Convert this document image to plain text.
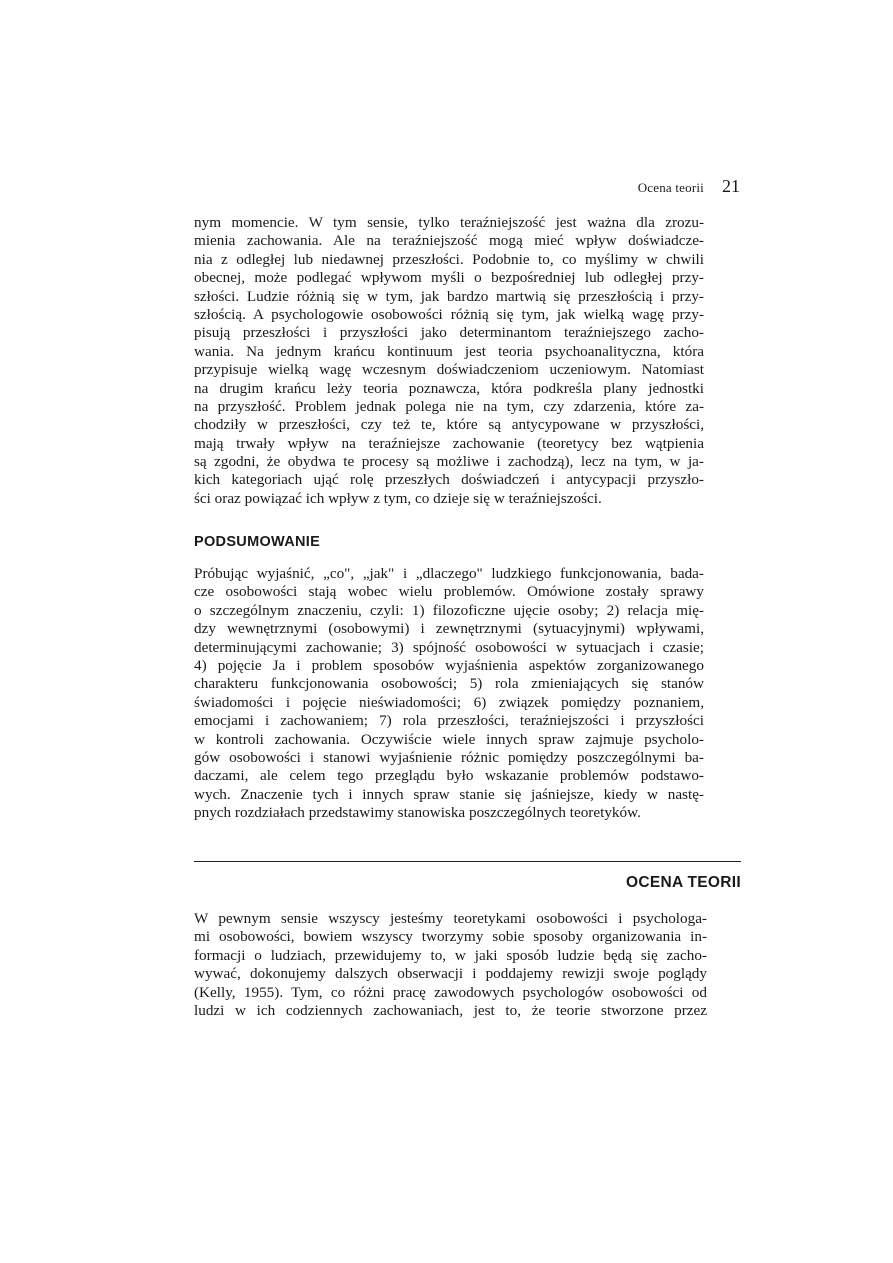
Ocena teorii 21
nym momencie. W tym sensie, tylko teraźniejszość jest ważna dla zrozu-
mienia zachowania. Ale na teraźniejszość mogą mieć wpływ doświadcze-
nia z odległej lub niedawnej przeszłości. Podobnie to, co myślimy w chwili
obecnej, może podlegać wpływom myśli o bezpośredniej lub odległej przy-
szłości. Ludzie różnią się w tym, jak bardzo martwią się przeszłością i przy-
szłością. A psychologowie osobowości różnią się tym, jak wielką wagę przy-
pisują przeszłości i przyszłości jako determinantom teraźniejszego zacho-
wania. Na jednym krańcu kontinuum jest teoria psychoanalityczna, która
przypisuje wielką wagę wczesnym doświadczeniom uczeniowym. Natomiast
na drugim krańcu leży teoria poznawcza, która podkreśla plany jednostki
na przyszłość. Problem jednak polega nie na tym, czy zdarzenia, które za-
chodziły w przeszłości, czy też te, które są antycypowane w przyszłości,
mają trwały wpływ na teraźniejsze zachowanie (teoretycy bez wątpienia
są zgodni, że obydwa te procesy są możliwe i zachodzą), lecz na tym, w ja-
kich kategoriach ująć rolę przeszłych doświadczeń i antycypacji przyszło-
ści oraz powiązać ich wpływ z tym, co dzieje się w teraźniejszości.
PODSUMOWANIE
Próbując wyjaśnić, „co", „jak" i „dlaczego" ludzkiego funkcjonowania, bada-
cze osobowości stają wobec wielu problemów. Omówione zostały sprawy
o szczególnym znaczeniu, czyli: 1) filozoficzne ujęcie osoby; 2) relacja mię-
dzy wewnętrznymi (osobowymi) i zewnętrznymi (sytuacyjnymi) wpływami,
determinującymi zachowanie; 3) spójność osobowości w sytuacjach i czasie;
4) pojęcie Ja i problem sposobów wyjaśnienia aspektów zorganizowanego
charakteru funkcjonowania osobowości; 5) rola zmieniających się stanów
świadomości i pojęcie nieświadomości; 6) związek pomiędzy poznaniem,
emocjami i zachowaniem; 7) rola przeszłości, teraźniejszości i przyszłości
w kontroli zachowania. Oczywiście wiele innych spraw zajmuje psycholo-
gów osobowości i stanowi wyjaśnienie różnic pomiędzy poszczególnymi ba-
daczami, ale celem tego przeglądu było wskazanie problemów podstawo-
wych. Znaczenie tych i innych spraw stanie się jaśniejsze, kiedy w nastę-
pnych rozdziałach przedstawimy stanowiska poszczególnych teoretyków.
OCENA TEORII
W pewnym sensie wszyscy jesteśmy teoretykami osobowości i psychologa-
mi osobowości, bowiem wszyscy tworzymy sobie sposoby organizowania in-
formacji o ludziach, przewidujemy to, w jaki sposób ludzie będą się zacho-
wywać, dokonujemy dalszych obserwacji i poddajemy rewizji swoje poglądy
(Kelly, 1955). Tym, co różni pracę zawodowych psychologów osobowości od
ludzi w ich codziennych zachowaniach, jest to, że teorie stworzone przez
